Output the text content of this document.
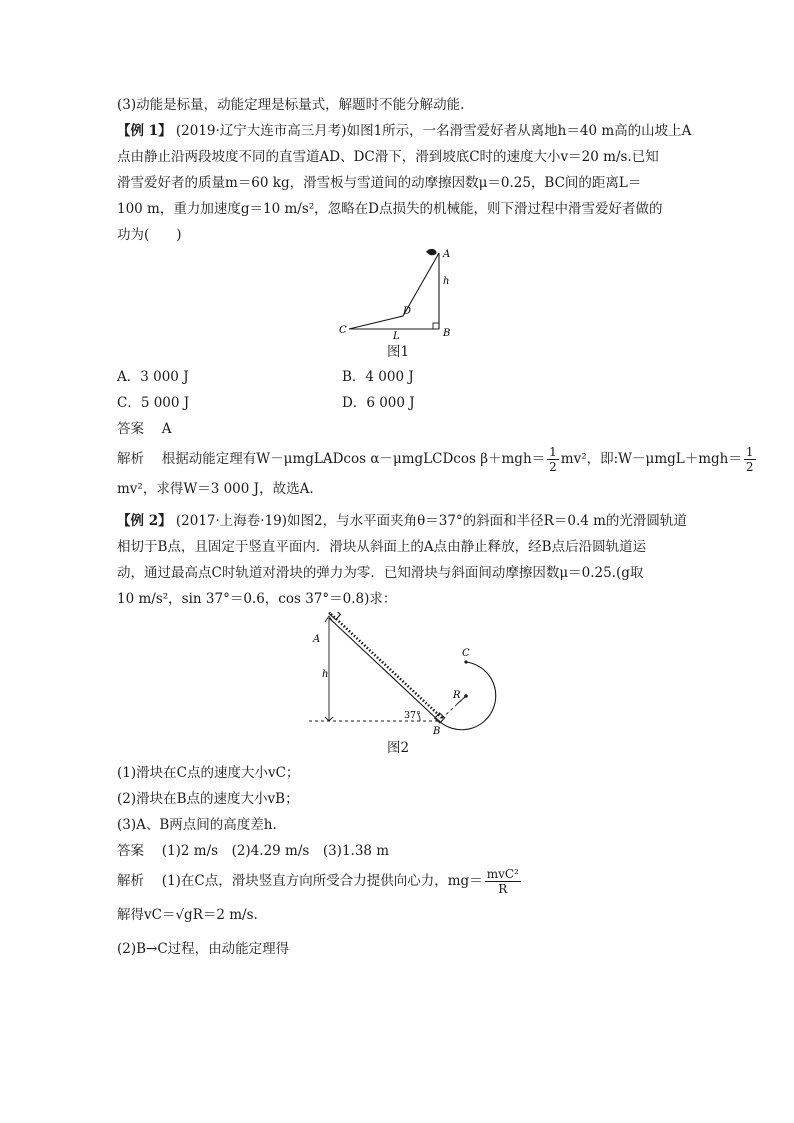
(3)动能是标量，动能定理是标量式，解题时不能分解动能.
【例 1】 (2019·辽宁大连市高三月考)如图1所示，一名滑雪爱好者从离地h＝40 m高的山坡上A
点由静止沿两段坡度不同的直雪道AD、DC滑下，滑到坡底C时的速度大小v＝20 m/s.已知
滑雪爱好者的质量m＝60 kg，滑雪板与雪道间的动摩擦因数μ＝0.25，BC间的距离L＝
100 m，重力加速度g＝10 m/s²，忽略在D点损失的机械能，则下滑过程中滑雪爱好者做的
功为(　　)
A
h
B
C
D
L
图1
A．3 000 J	B．4 000 J
C．5 000 J	D．6 000 J
答案　 A
解析　 根据动能定理有W－μmgLADcos α－μmgLCDcos $\beta+mgh= \frac{1}{2} mv^2$，即:W－μmgL＋mgh＝ $\frac{1}{2}$
mv²，求得W＝3 000 J，故选A.
【例 2】 (2017·上海卷·19)如图2，与水平面夹角θ＝37°的斜面和半径R＝0.4 m的光滑圆轨道
相切于B点，且固定于竖直平面内．滑块从斜面上的A点由静止释放，经B点后沿圆轨道运
动，通过最高点C时轨道对滑块的弹力为零．已知滑块与斜面间动摩擦因数μ＝0.25.(g取
10 m/s²，sin 37°＝0.6，cos 37°＝0.8)求：
A
h
B
C
R
37°
图2
(1)滑块在C点的速度大小vC；
(2)滑块在B点的速度大小vB；
(3)A、B两点间的高度差h.
答案　 (1)2 m/s　(2)4.29 m/s　(3)1.38 m
解析　 (1)在C点，滑块竖直方向所受合力提供向心力，$mg= \frac{\text{mvC²}}{R}$
解得vC＝√gR＝2 m/s.
(2)B→C过程，由动能定理得
